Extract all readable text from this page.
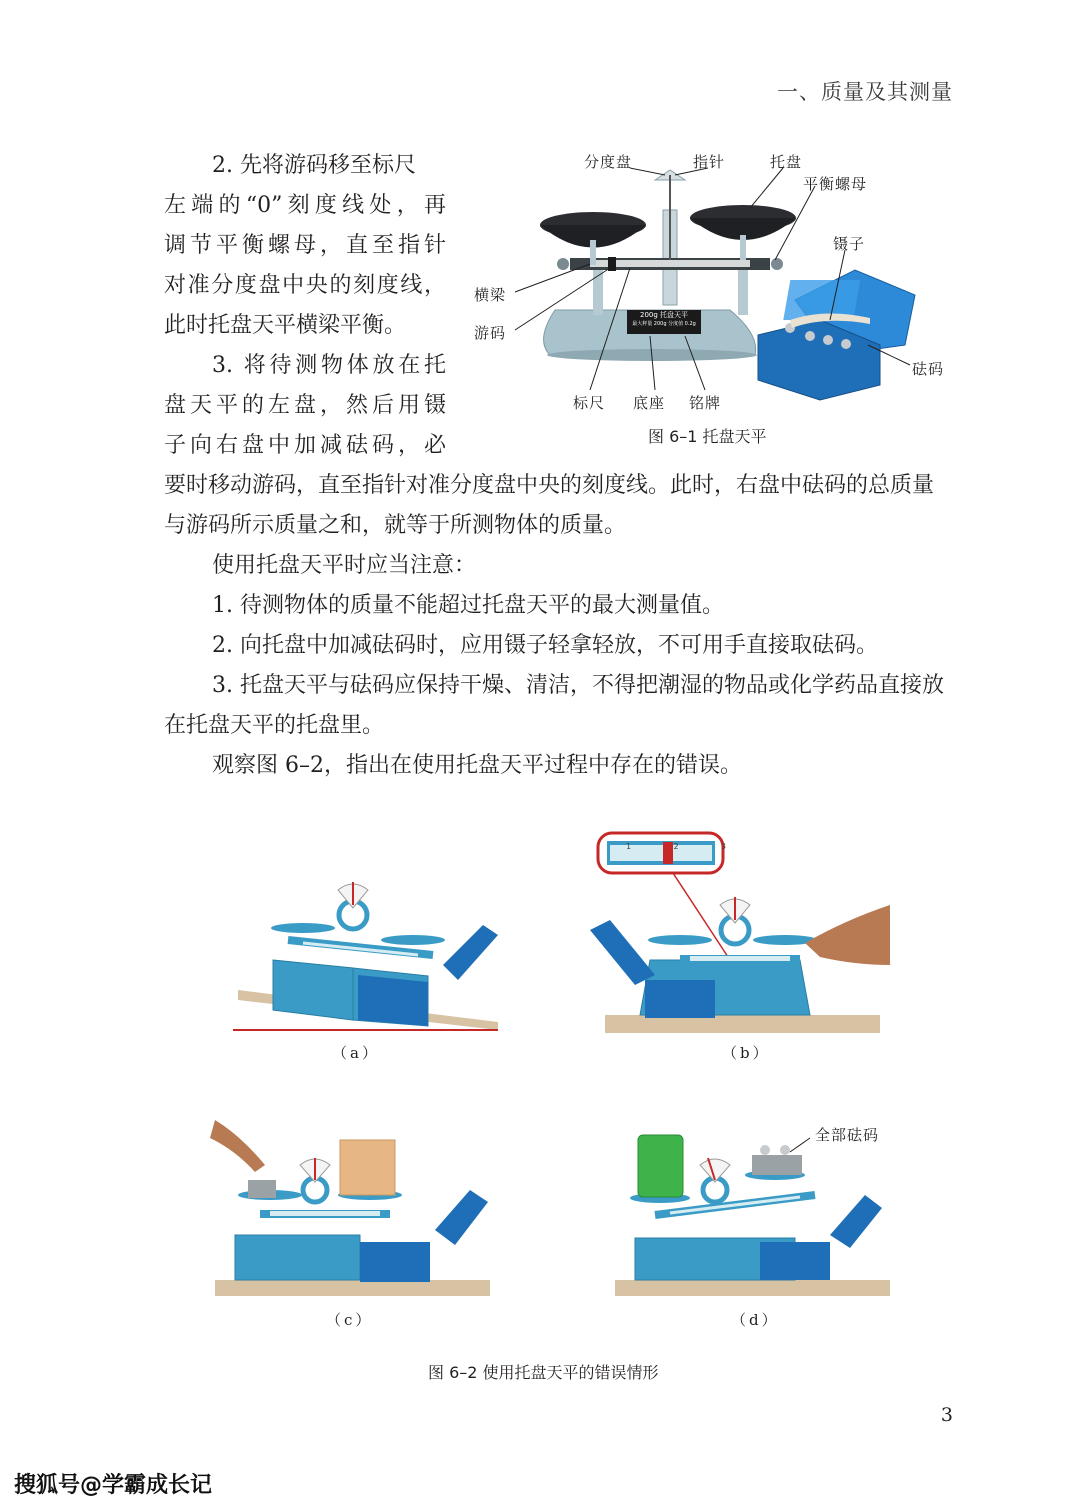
一、质量及其测量
2. 先将游码移至标尺
左端的“0”刻度线处，再
调节平衡螺母，直至指针
对准分度盘中央的刻度线，
此时托盘天平横梁平衡。
3. 将待测物体放在托
盘天平的左盘，然后用镊
子向右盘中加减砝码，必
要时移动游码，直至指针对准分度盘中央的刻度线。此时，右盘中砝码的总质量与游码所示质量之和，就等于所测物体的质量。
使用托盘天平时应当注意：
1. 待测物体的质量不能超过托盘天平的最大测量值。
2. 向托盘中加减砝码时，应用镊子轻拿轻放，不可用手直接取砝码。
3. 托盘天平与砝码应保持干燥、清洁，不得把潮湿的物品或化学药品直接放在托盘天平的托盘里。
观察图 6–2，指出在使用托盘天平过程中存在的错误。
分度盘	指针	托盘
平衡螺母
镊子
横梁
游码
砝码
标尺 底座 铭牌
200g 托盘天平
最大秤量 200g 分度值 0.2g
图 6–1 托盘天平
（a）	（b）
1	2	3
（c）
全部砝码
（d）
图 6–2 使用托盘天平的错误情形
3
搜狐号@学霸成长记
